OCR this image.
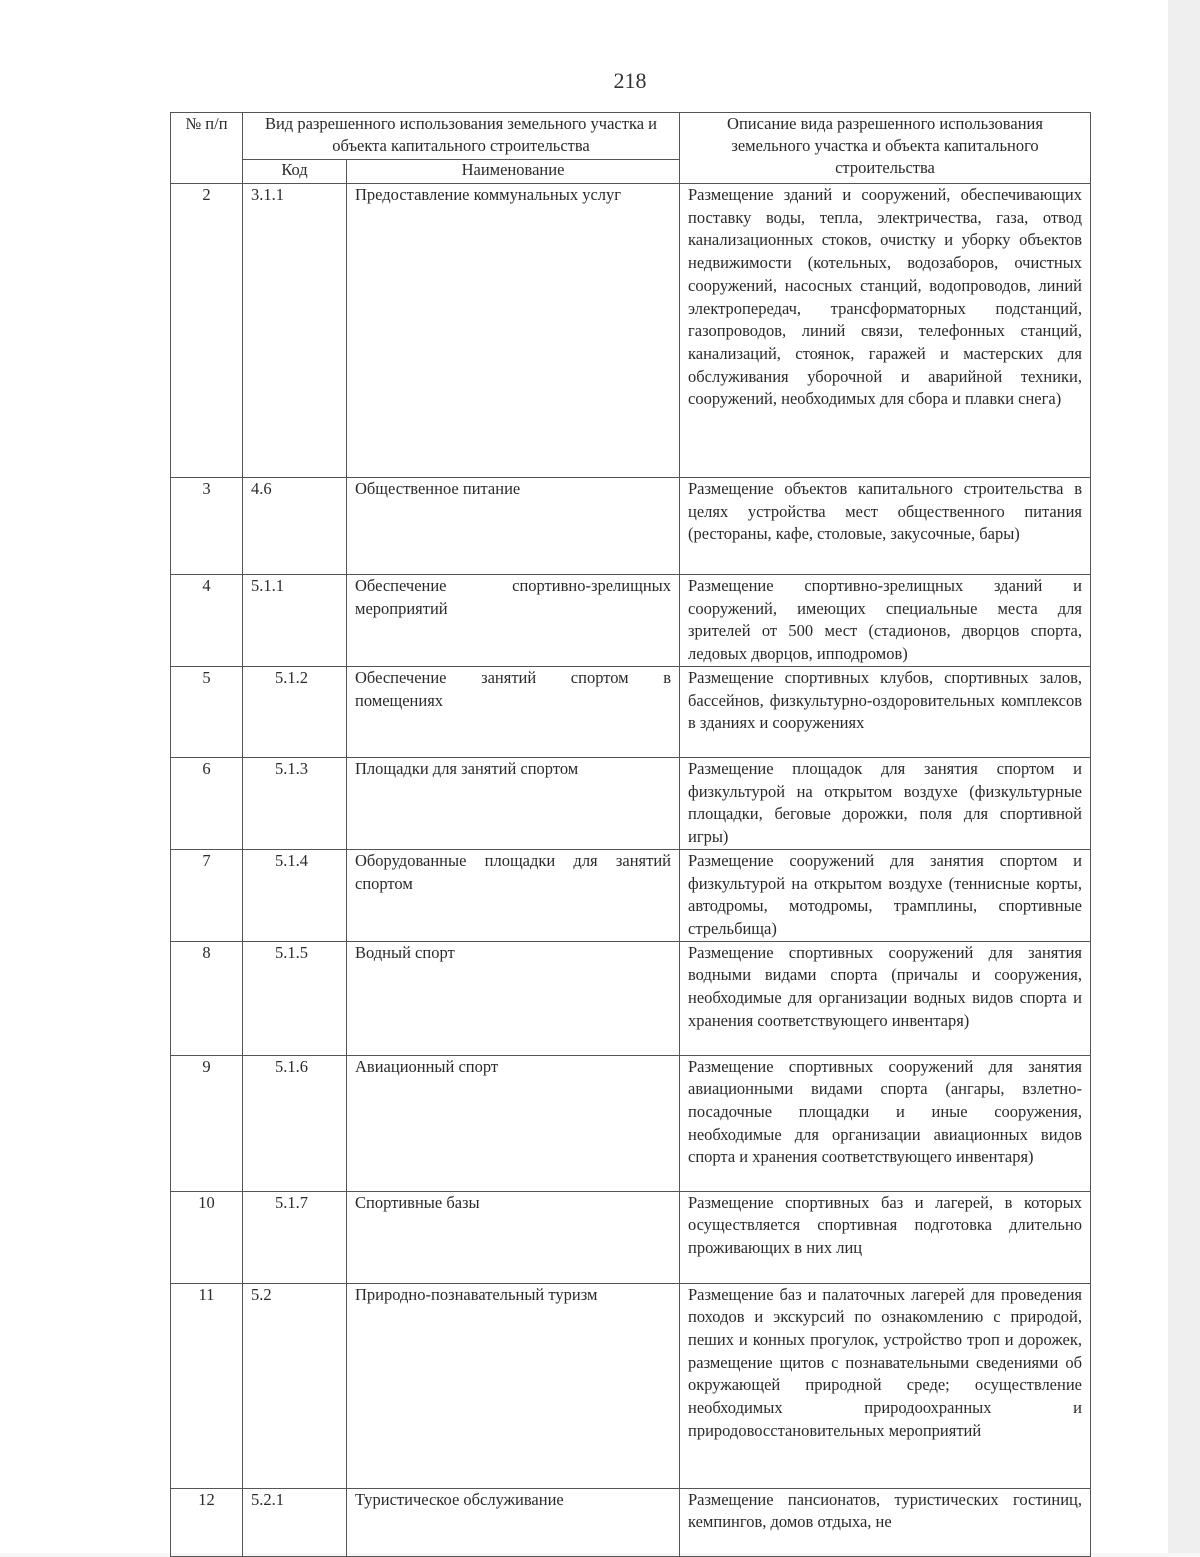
218
№ п/п	Вид разрешенного использования земельного участка и объекта капитального строительства		Описание вида разрешенного использования земельного участка и объекта капитального строительства
	Код	Наименование	
2	3.1.1	Предоставление коммунальных услуг	Размещение зданий и сооружений, обеспечивающих поставку воды, тепла, электричества, газа, отвод канализационных стоков, очистку и уборку объектов недвижимости (котельных, водозаборов, очистных сооружений, насосных станций, водопроводов, линий электропередач, трансформаторных подстанций, газопроводов, линий связи, телефонных станций, канализаций, стоянок, гаражей и мастерских для обслуживания уборочной и аварийной техники, сооружений, необходимых для сбора и плавки снега)
3	4.6	Общественное питание	Размещение объектов капитального строительства в целях устройства мест общественного питания (рестораны, кафе, столовые, закусочные, бары)
4	5.1.1	Обеспечение спортивно-зрелищных мероприятий	Размещение спортивно-зрелищных зданий и сооружений, имеющих специальные места для зрителей от 500 мест (стадионов, дворцов спорта, ледовых дворцов, ипподромов)
5	5.1.2	Обеспечение занятий спортом в помещениях	Размещение спортивных клубов, спортивных залов, бассейнов, физкультурно-оздоровительных комплексов в зданиях и сооружениях
6	5.1.3	Площадки для занятий спортом	Размещение площадок для занятия спортом и физкультурой на открытом воздухе (физкультурные площадки, беговые дорожки, поля для спортивной игры)
7	5.1.4	Оборудованные площадки для занятий спортом	Размещение сооружений для занятия спортом и физкультурой на открытом воздухе (теннисные корты, автодромы, мотодромы, трамплины, спортивные стрельбища)
8	5.1.5	Водный спорт	Размещение спортивных сооружений для занятия водными видами спорта (причалы и сооружения, необходимые для организации водных видов спорта и хранения соответствующего инвентаря)
9	5.1.6	Авиационный спорт	Размещение спортивных сооружений для занятия авиационными видами спорта (ангары, взлетно-посадочные площадки и иные сооружения, необходимые для организации авиационных видов спорта и хранения соответствующего инвентаря)
10	5.1.7	Спортивные базы	Размещение спортивных баз и лагерей, в которых осуществляется спортивная подготовка длительно проживающих в них лиц
11	5.2	Природно-познавательный туризм	Размещение баз и палаточных лагерей для проведения походов и экскурсий по ознакомлению с природой, пеших и конных прогулок, устройство троп и дорожек, размещение щитов с познавательными сведениями об окружающей природной среде; осуществление необходимых природоохранных и природовосстановительных мероприятий
12	5.2.1	Туристическое обслуживание	Размещение пансионатов, туристических гостиниц, кемпингов, домов отдыха, не
